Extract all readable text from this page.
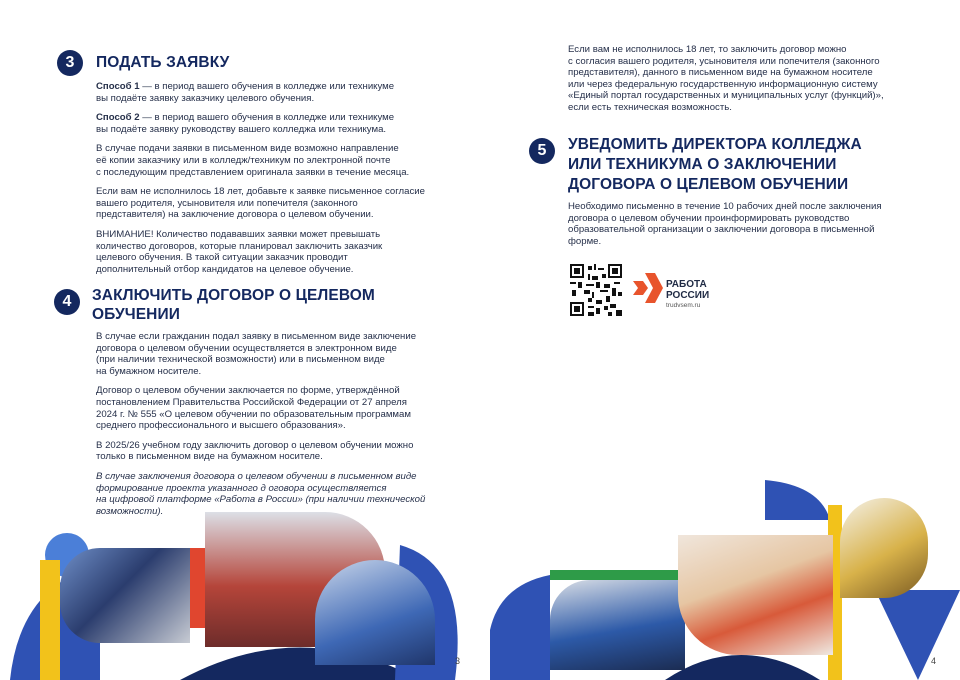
3	ПОДАТЬ ЗАЯВКУ

Способ 1 — в период вашего обучения в колледже или техникуме
вы подаёте заявку заказчику целевого обучения.

Способ 2 — в период вашего обучения в колледже или техникуме
вы подаёте заявку руководству вашего колледжа или техникума.

В случае подачи заявки в письменном виде возможно направление
eё копии заказчику или в колледж/техникум по электронной почте
с последующим представлением оригинала заявки в течение месяца.

Если вам не исполнилось 18 лет, добавьте к заявке письменное согласие
вашего родителя, усыновителя или попечителя (законного
представителя) на заключение договора о целевом обучении.

ВНИМАНИЕ! Количество подававших заявки может превышать
количество договоров, которые планировал заключить заказчик
целевого обучения. В такой ситуации заказчик проводит
дополнительный отбор кандидатов на целевое обучение.

4	ЗАКЛЮЧИТЬ ДОГОВОР О ЦЕЛЕВОМ
ОБУЧЕНИИ

В случае если гражданин подал заявку в письменном виде заключение
договора о целевом обучении осуществляется в электронном виде
(при наличии технической возможности) или в письменном виде
на бумажном носителе.

Договор о целевом обучении заключается по форме, утверждённой
постановлением Правительства Российской Федерации от 27 апреля
2024 г. № 555 «О целевом обучении по образовательным программам
среднего профессионального и высшего образования».

В 2025/26 учебном году заключить договор о целевом обучении можно
только в письменном виде на бумажном носителе.

В случае заключения договора о целевом обучении в письменном виде
формирование проекта указанного д оговора осуществляется
на цифровой платформе «Работа в России» (при наличии технической
возможности).

3

Если вам не исполнилось 18 лет, то заключить договор можно
с согласия вашего родителя, усыновителя или попечителя (законного
представителя), данного в письменном виде на бумажном носителе
или через федеральную государственную информационную систему
«Единый портал государственных и муниципальных услуг (функций)»,
если есть техническая возможность.

5	УВЕДОМИТЬ ДИРЕКТОРА КОЛЛЕДЖА
ИЛИ ТЕХНИКУМА О ЗАКЛЮЧЕНИИ
ДОГОВОРА О ЦЕЛЕВОМ ОБУЧЕНИИ

Необходимо письменно в течение 10 рабочих дней после заключения
договора о целевом обучении проинформировать руководство
образовательной организации о заключении договора в письменной
форме.

РАБОТА
РОССИИ
trudvsem.ru
4
